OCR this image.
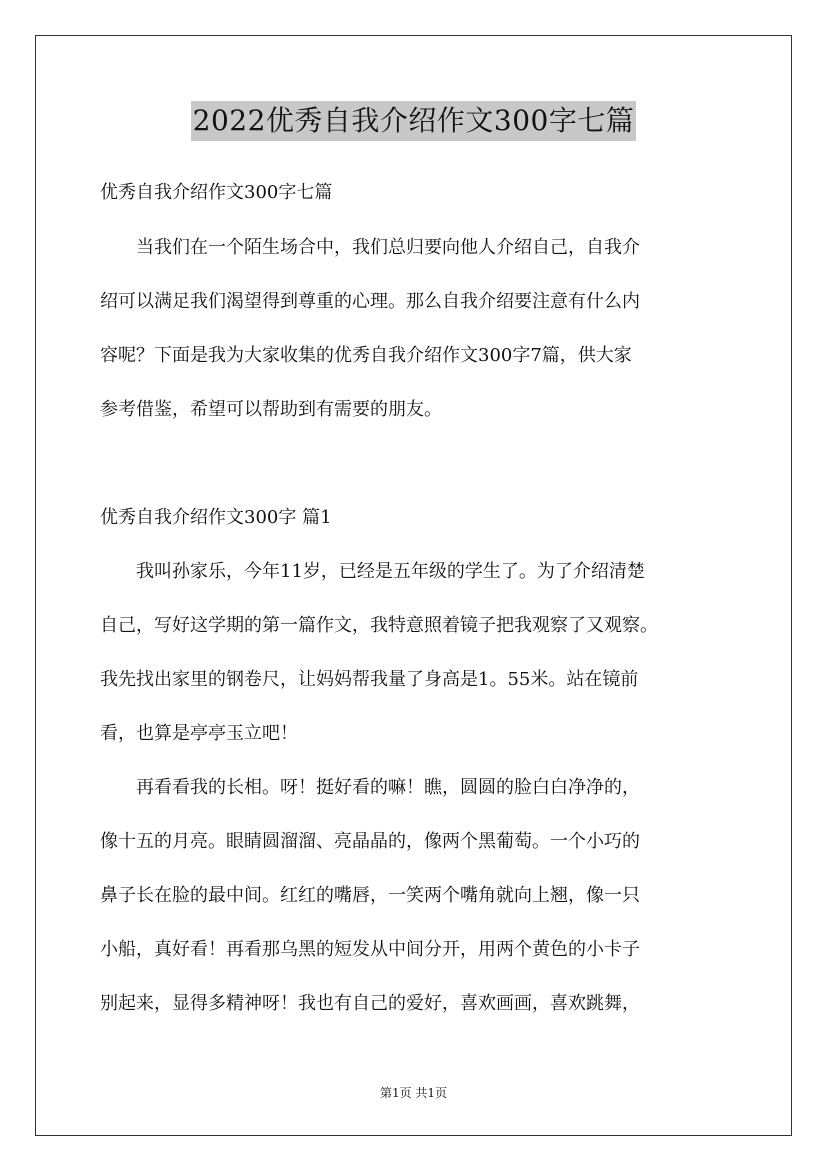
2022优秀自我介绍作文300字七篇
优秀自我介绍作文300字七篇
　　当我们在一个陌生场合中，我们总归要向他人介绍自己，自我介
绍可以满足我们渴望得到尊重的心理。那么自我介绍要注意有什么内
容呢？下面是我为大家收集的优秀自我介绍作文300字7篇，供大家
参考借鉴，希望可以帮助到有需要的朋友。
优秀自我介绍作文300字 篇1
　　我叫孙家乐，今年11岁，已经是五年级的学生了。为了介绍清楚
自己，写好这学期的第一篇作文，我特意照着镜子把我观察了又观察。
我先找出家里的钢卷尺，让妈妈帮我量了身高是1。55米。站在镜前
看，也算是亭亭玉立吧！
　　再看看我的长相。呀！挺好看的嘛！瞧，圆圆的脸白白净净的，
像十五的月亮。眼睛圆溜溜、亮晶晶的，像两个黑葡萄。一个小巧的
鼻子长在脸的最中间。红红的嘴唇，一笑两个嘴角就向上翘，像一只
小船，真好看！再看那乌黑的短发从中间分开，用两个黄色的小卡子
别起来，显得多精神呀！我也有自己的爱好，喜欢画画，喜欢跳舞，
第1页 共1页
